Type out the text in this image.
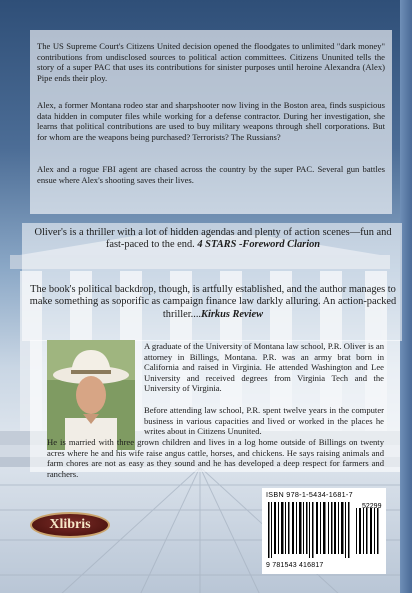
The US Supreme Court's Citizens United decision opened the floodgates to unlimited "dark money" contributions from undisclosed sources to political action committees. Citizens Ununited tells the story of a super PAC that uses its contributions for sinister purposes until heroine Alexandra (Alex) Pipe ends their ploy.

Alex, a former Montana rodeo star and sharpshooter now living in the Boston area, finds suspicious data hidden in computer files while working for a defense contractor. During her investigation, she learns that political contributions are used to buy military weapons through shell corporations. But for whom are the weapons being purchased? Terrorists? The Russians?

Alex and a rogue FBI agent are chased across the country by the super PAC. Several gun battles ensue where Alex's shooting saves their lives.

Oliver's is a thriller with a lot of hidden agendas and plenty of action scenes—fun and fast-paced to the end. 4 STARS -Foreword Clarion

The book's political backdrop, though, is artfully established, and the author manages to make something as soporific as campaign finance law darkly alluring. An action-packed thriller....Kirkus Review

A graduate of the University of Montana law school, P.R. Oliver is an attorney in Billings, Montana. P.R. was an army brat born in California and raised in Virginia. He attended Washington and Lee University and received degrees from Virginia Tech and the University of Virginia.

Before attending law school, P.R. spent twelve years in the computer business in various capacities and lived or worked in the places he writes about in Citizens Ununited.

He is married with three grown children and lives in a log home outside of Billings on twenty acres where he and his wife raise angus cattle, horses, and chickens. He says raising animals and farm chores are not as easy as they sound and he has developed a deep respect for farmers and ranchers.

Xlibris
ISBN 978-1-5434-1681-7
52299
9 781543 416817
